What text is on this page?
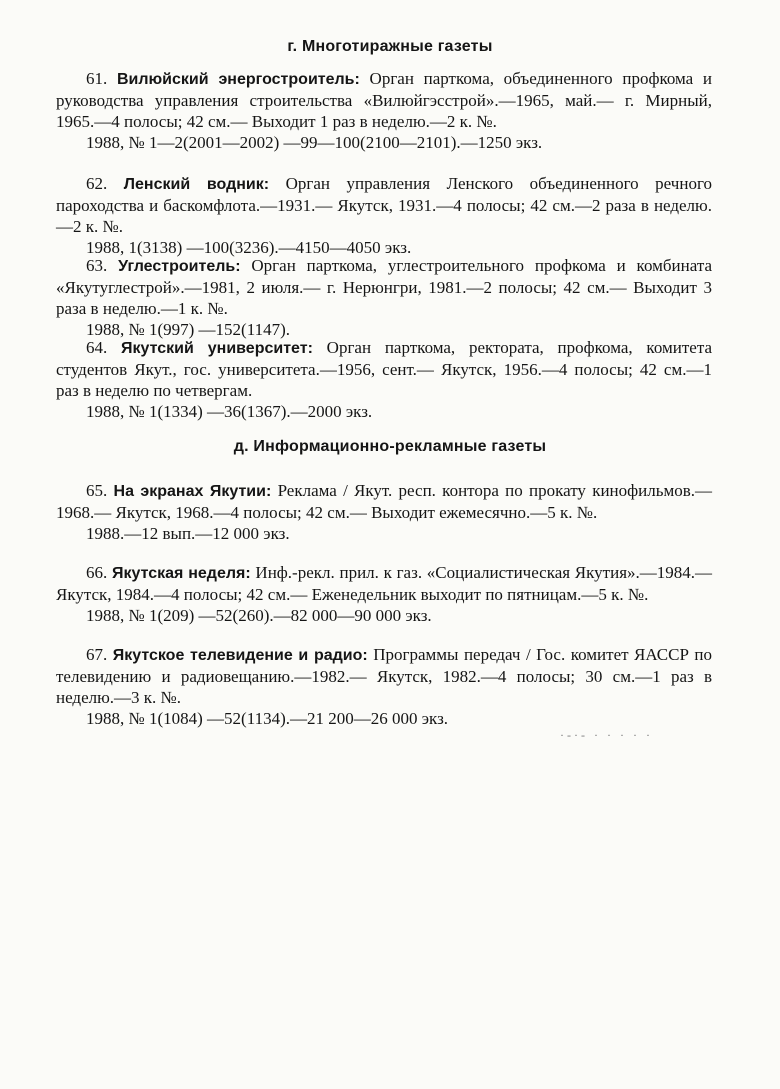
г. Многотиражные газеты

61. Вилюйский энергостроитель: Орган парткома, объединенного профкома и руководства управления строительства «Вилюйгэсстрой».—1965, май.— г. Мирный, 1965.—4 полосы; 42 см.— Выходит 1 раз в неделю.—2 к. №.

1988, № 1—2(2001—2002) —99—100(2100—2101).—1250 экз.

62. Ленский водник: Орган управления Ленского объединенного речного пароходства и баскомфлота.—1931.— Якутск, 1931.—4 полосы; 42 см.—2 раза в неделю.—2 к. №.

1988, 1(3138) —100(3236).—4150—4050 экз.

63. Углестроитель: Орган парткома, углестроительного профкома и комбината «Якутуглестрой».—1981, 2 июля.— г. Нерюнгри, 1981.—2 полосы; 42 см.— Выходит 3 раза в неделю.—1 к. №.

1988, № 1(997) —152(1147).

64. Якутский университет: Орган парткома, ректората, профкома, комитета студентов Якут., гос. университета.—1956, сент.— Якутск, 1956.—4 полосы; 42 см.—1 раз в неделю по четвергам.

1988, № 1(1334) —36(1367).—2000 экз.

д. Информационно-рекламные газеты

65. На экранах Якутии: Реклама / Якут. респ. контора по прокату кинофильмов.—1968.— Якутск, 1968.—4 полосы; 42 см.— Выходит ежемесячно.—5 к. №.

1988.—12 вып.—12 000 экз.

66. Якутская неделя: Инф.-рекл. прил. к газ. «Социалистическая Якутия».—1984.— Якутск, 1984.—4 полосы; 42 см.— Еженедельник выходит по пятницам.—5 к. №.

1988, № 1(209) —52(260).—82 000—90 000 экз.

67. Якутское телевидение и радио: Программы передач / Гос. комитет ЯАССР по телевидению и радиовещанию.—1982.— Якутск, 1982.—4 полосы; 30 см.—1 раз в неделю.—3 к. №.

1988, № 1(1084) —52(1134).—21 200—26 000 экз.

·-·- · · · · ·
